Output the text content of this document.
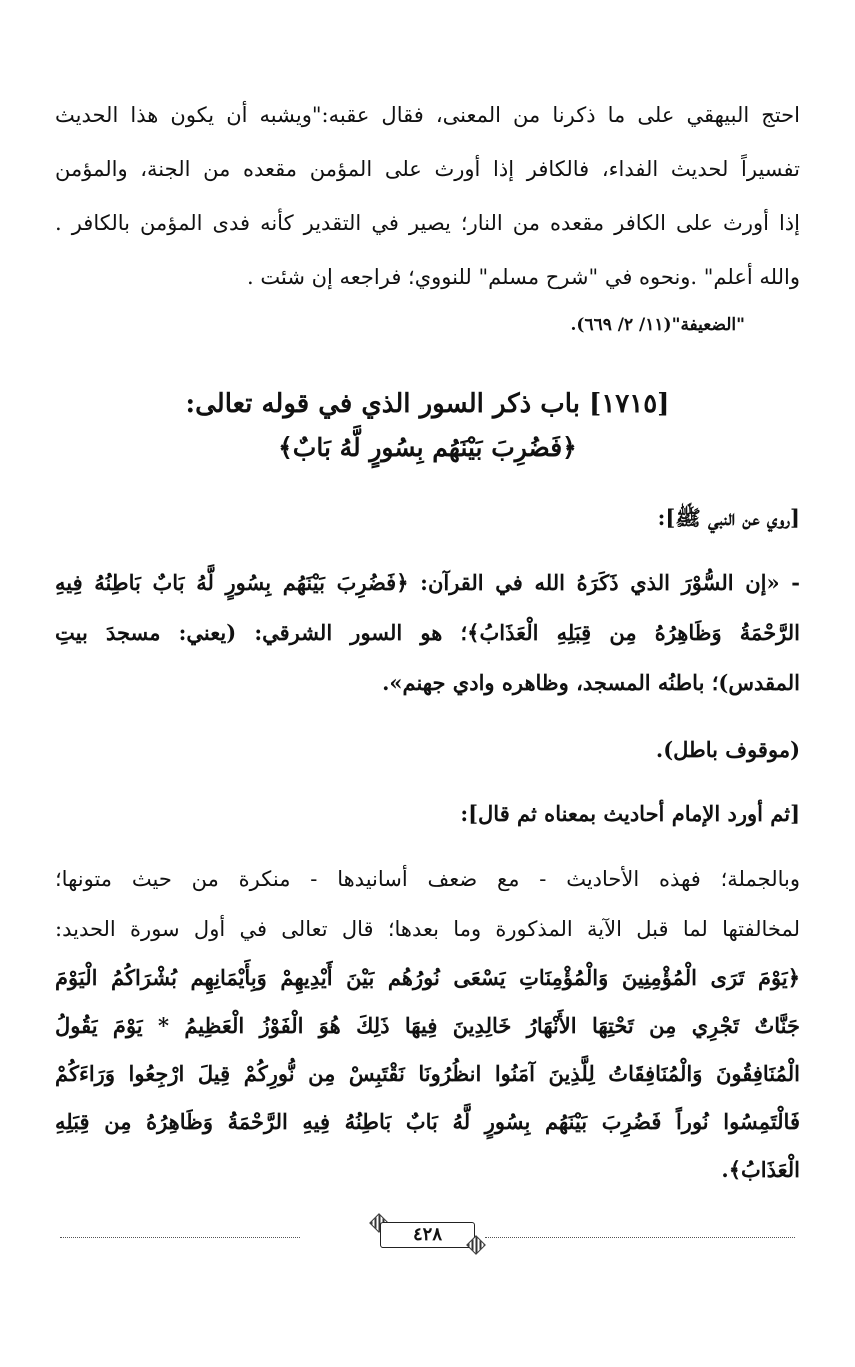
احتج البيهقي على ما ذكرنا من المعنى، فقال عقبه:"ويشبه أن يكون هذا الحديث
تفسيراً لحديث الفداء، فالكافر إذا أورث على المؤمن مقعده من الجنة، والمؤمن
إذا أورث على الكافر مقعده من النار؛ يصير في التقدير كأنه فدى المؤمن بالكافر .
والله أعلم" .ونحوه في "شرح مسلم" للنووي؛ فراجعه إن شئت .
"الضعيفة"(١١/ ٢/ ٦٦٩).
[١٧١٥] باب ذكر السور الذي في قوله تعالى:
﴿فَضُرِبَ بَيْنَهُم بِسُورٍ لَّهُ بَابٌ﴾
[روي عن النبي ﷺ]:
- «إن السُّوْرَ الذي ذَكَرَهُ الله في القرآن: ﴿فَضُرِبَ بَيْنَهُم بِسُورٍ لَّهُ بَابٌ بَاطِنُهُ فِيهِ
الرَّحْمَةُ وَظَاهِرُهُ مِن قِبَلِهِ الْعَذَابُ﴾؛ هو السور الشرقي: (يعني: مسجدَ بيتِ
المقدس)؛ باطنُه المسجد، وظاهره وادي جهنم».
(موقوف باطل).
[ثم أورد الإمام أحاديث بمعناه ثم قال]:
وبالجملة؛ فهذه الأحاديث - مع ضعف أسانيدها - منكرة من حيث متونها؛
لمخالفتها لما قبل الآية المذكورة وما بعدها؛ قال تعالى في أول سورة الحديد:
﴿يَوْمَ تَرَى الْمُؤْمِنِينَ وَالْمُؤْمِنَاتِ يَسْعَى نُورُهُم بَيْنَ أَيْدِيهِمْ وَبِأَيْمَانِهِم بُشْرَاكُمُ الْيَوْمَ
جَنَّاتٌ تَجْرِي مِن تَحْتِهَا الأَنْهَارُ خَالِدِينَ فِيهَا ذَلِكَ هُوَ الْفَوْزُ الْعَظِيمُ * يَوْمَ يَقُولُ
الْمُنَافِقُونَ وَالْمُنَافِقَاتُ لِلَّذِينَ آمَنُوا انظُرُونَا نَقْتَبِسْ مِن نُّورِكُمْ قِيلَ ارْجِعُوا وَرَاءَكُمْ
فَالْتَمِسُوا نُوراً فَضُرِبَ بَيْنَهُم بِسُورٍ لَّهُ بَابٌ بَاطِنُهُ فِيهِ الرَّحْمَةُ وَظَاهِرُهُ مِن قِبَلِهِ
الْعَذَابُ﴾.
٤٢٨
